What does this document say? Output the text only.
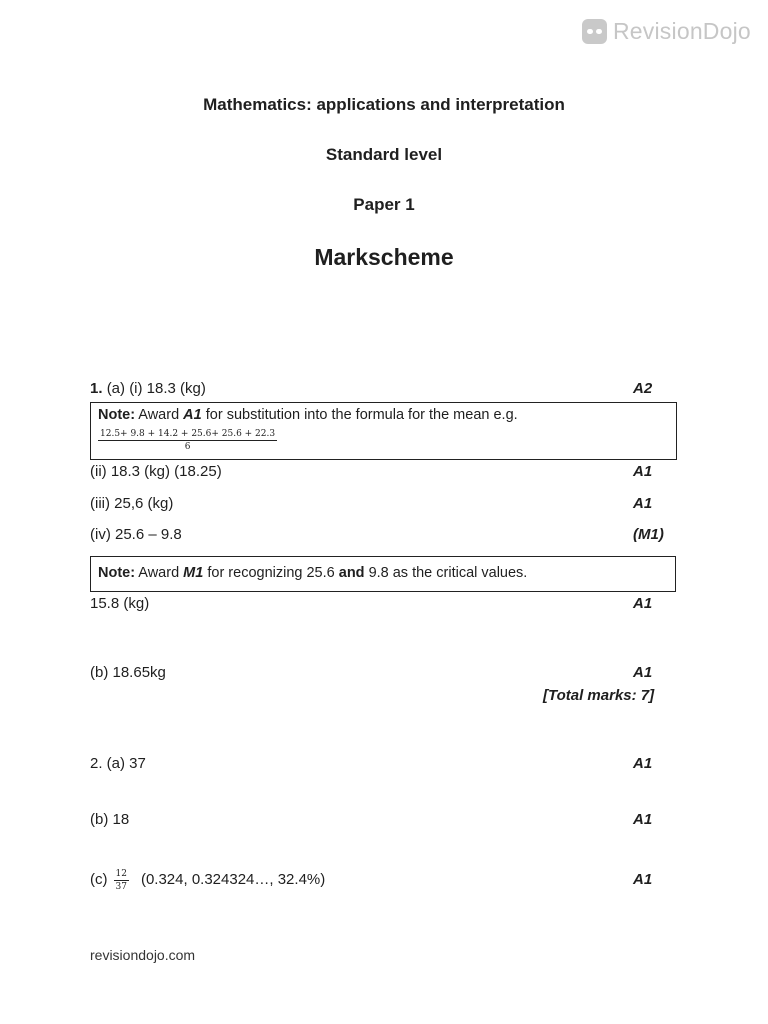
RevisionDojo
Mathematics: applications and interpretation
Standard level
Paper 1
Markscheme
1. (a) (i) 18.3 (kg)	A2
Note: Award A1 for substitution into the formula for the mean e.g.
$\frac{12.5+ 9.8 + 14.2 + 25.6+ 25.6 + 22.3}{6}$
(ii) 18.3 (kg) (18.25)	A1
(iii) 25,6 (kg)	A1
(iv) 25.6 – 9.8	(M1)
Note: Award M1 for recognizing 25.6 and 9.8 as the critical values.
15.8 (kg)	A1
(b) 18.65kg	A1
[Total marks: 7]
2. (a) 37	A1
(b) 18	A1
$(c) \frac{12}{37} (0.324$, 0.324324…, 32.4%)	A1
revisiondojo.com
